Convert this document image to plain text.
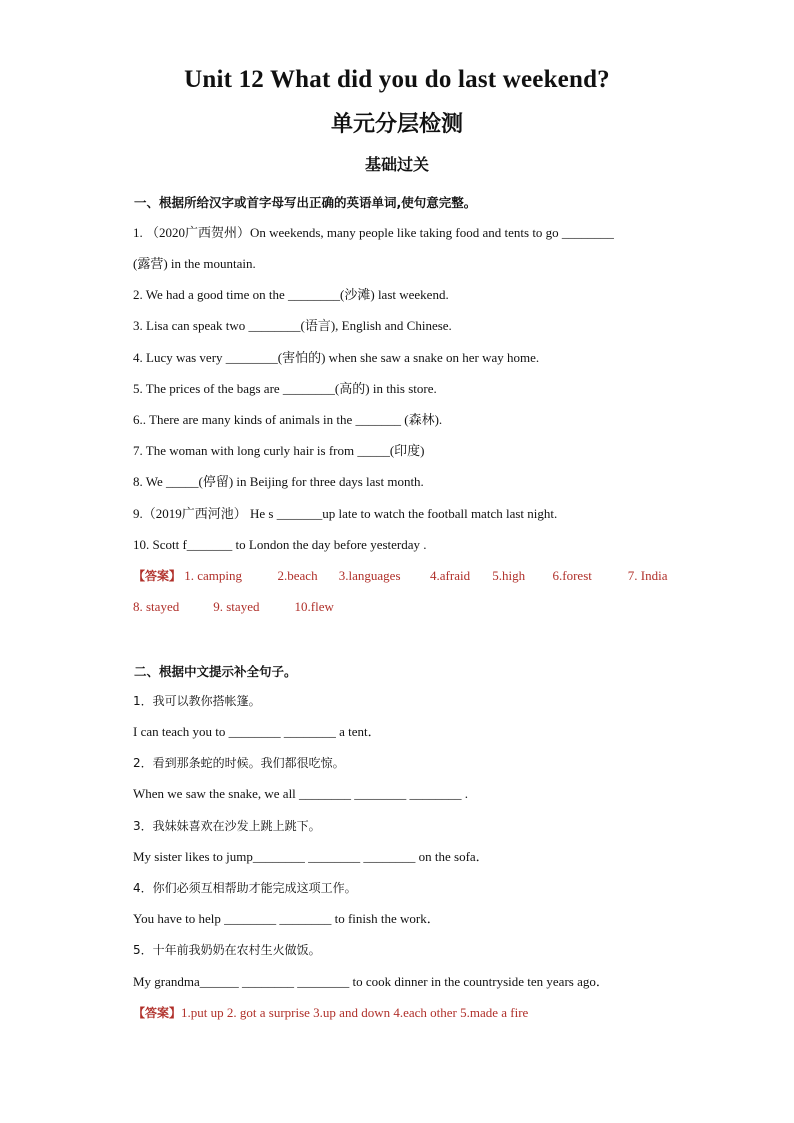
Unit 12 What did you do last weekend?
单元分层检测
基础过关
一、根据所给汉字或首字母写出正确的英语单词,使句意完整。
1. （2020广西贺州）On weekends, many people like taking food and tents to go ________
(露营) in the mountain.
2. We had a good time on the ________(沙滩) last weekend.
3. Lisa can speak two ________(语言), English and Chinese.
4. Lucy was very ________(害怕的) when she saw a snake on her way home.
5. The prices of the bags are ________(高的) in this store.
6.. There are many kinds of animals in the _______ (森林).
7. The woman with long curly hair is from _____(印度)
8. We _____(停留) in Beijing for three days last month.
9.（2019广西河池） He s _______up late to watch the football match last night.
10. Scott f_______ to London the day before yesterday .
【答案】 1. camping	2.beach 3.languages 4.afraid 5.high 6.forest	7. India
8. stayed	9. stayed	10.flew
二、根据中文提示补全句子。
1．我可以教你搭帐篷。
I can teach you to ________ ________ a tent．
2．看到那条蛇的时候。我们都很吃惊。
When we saw the snake, we all ________ ________ ________ .
3．我妹妹喜欢在沙发上跳上跳下。
My sister likes to jump________ ________ ________ on the sofa．
4．你们必须互相帮助才能完成这项工作。
You have to help ________ ________ to finish the work．
5．十年前我奶奶在农村生火做饭。
My grandma______ ________ ________ to cook dinner in the countryside ten years ago．
【答案】1.put up 2. got a surprise 3.up and down 4.each other 5.made a fire
